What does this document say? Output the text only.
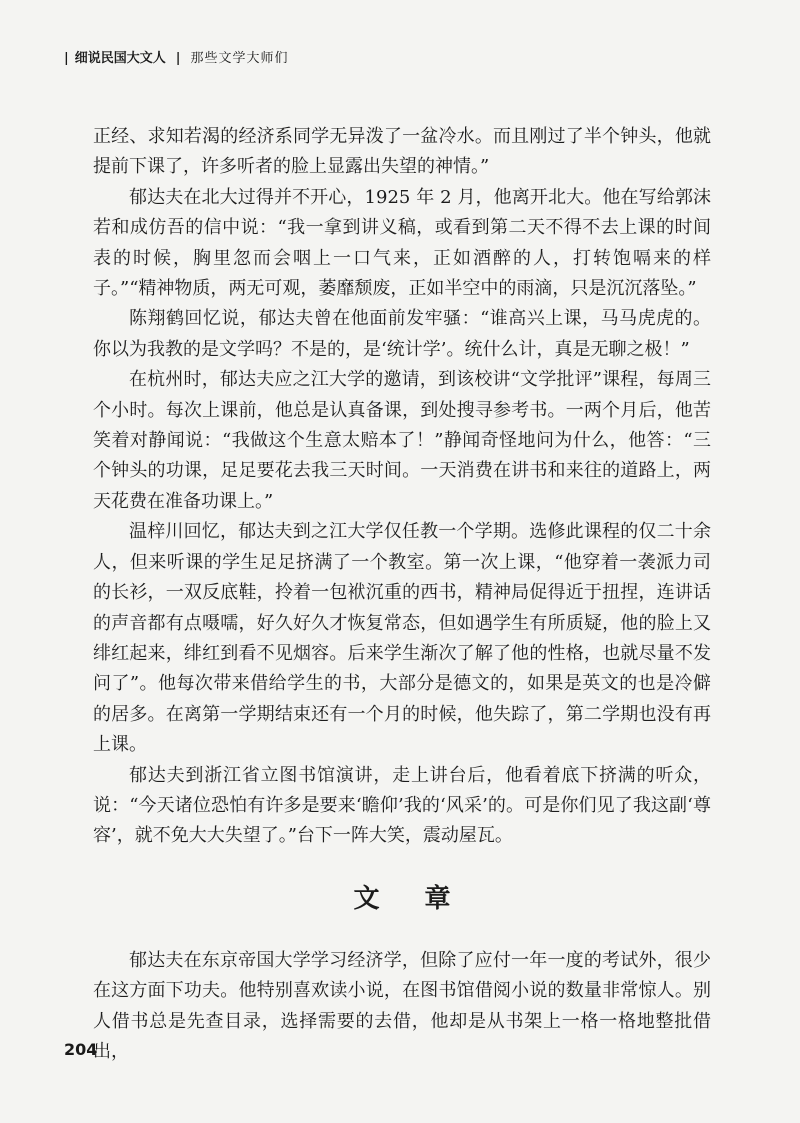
| 细说民国大文人 | 那些文学大师们

正经、求知若渴的经济系同学无异泼了一盆冷水。而且刚过了半个钟头，他就提前下课了，许多听者的脸上显露出失望的神情。”

郁达夫在北大过得并不开心，1925 年 2 月，他离开北大。他在写给郭沫若和成仿吾的信中说：“我一拿到讲义稿，或看到第二天不得不去上课的时间表的时候，胸里忽而会咽上一口气来，正如酒醉的人，打转饱嗝来的样子。”“精神物质，两无可观，萎靡颓废，正如半空中的雨滴，只是沉沉落坠。”

陈翔鹤回忆说，郁达夫曾在他面前发牢骚：“谁高兴上课，马马虎虎的。你以为我教的是文学吗？不是的，是‘统计学’。统什么计，真是无聊之极！”

在杭州时，郁达夫应之江大学的邀请，到该校讲“文学批评”课程，每周三个小时。每次上课前，他总是认真备课，到处搜寻参考书。一两个月后，他苦笑着对静闻说：“我做这个生意太赔本了！”静闻奇怪地问为什么，他答：“三个钟头的功课，足足要花去我三天时间。一天消费在讲书和来往的道路上，两天花费在准备功课上。”

温梓川回忆，郁达夫到之江大学仅任教一个学期。选修此课程的仅二十余人，但来听课的学生足足挤满了一个教室。第一次上课，“他穿着一袭派力司的长衫，一双反底鞋，拎着一包袱沉重的西书，精神局促得近于扭捏，连讲话的声音都有点嗫嚅，好久好久才恢复常态，但如遇学生有所质疑，他的脸上又绯红起来，绯红到看不见烟容。后来学生渐次了解了他的性格，也就尽量不发问了”。他每次带来借给学生的书，大部分是德文的，如果是英文的也是冷僻的居多。在离第一学期结束还有一个月的时候，他失踪了，第二学期也没有再上课。

郁达夫到浙江省立图书馆演讲，走上讲台后，他看着底下挤满的听众，说：“今天诸位恐怕有许多是要来‘瞻仰’我的‘风采’的。可是你们见了我这副‘尊容’，就不免大大失望了。”台下一阵大笑，震动屋瓦。

文 章

郁达夫在东京帝国大学学习经济学，但除了应付一年一度的考试外，很少在这方面下功夫。他特别喜欢读小说，在图书馆借阅小说的数量非常惊人。别人借书总是先查目录，选择需要的去借，他却是从书架上一格一格地整批借出，

204
